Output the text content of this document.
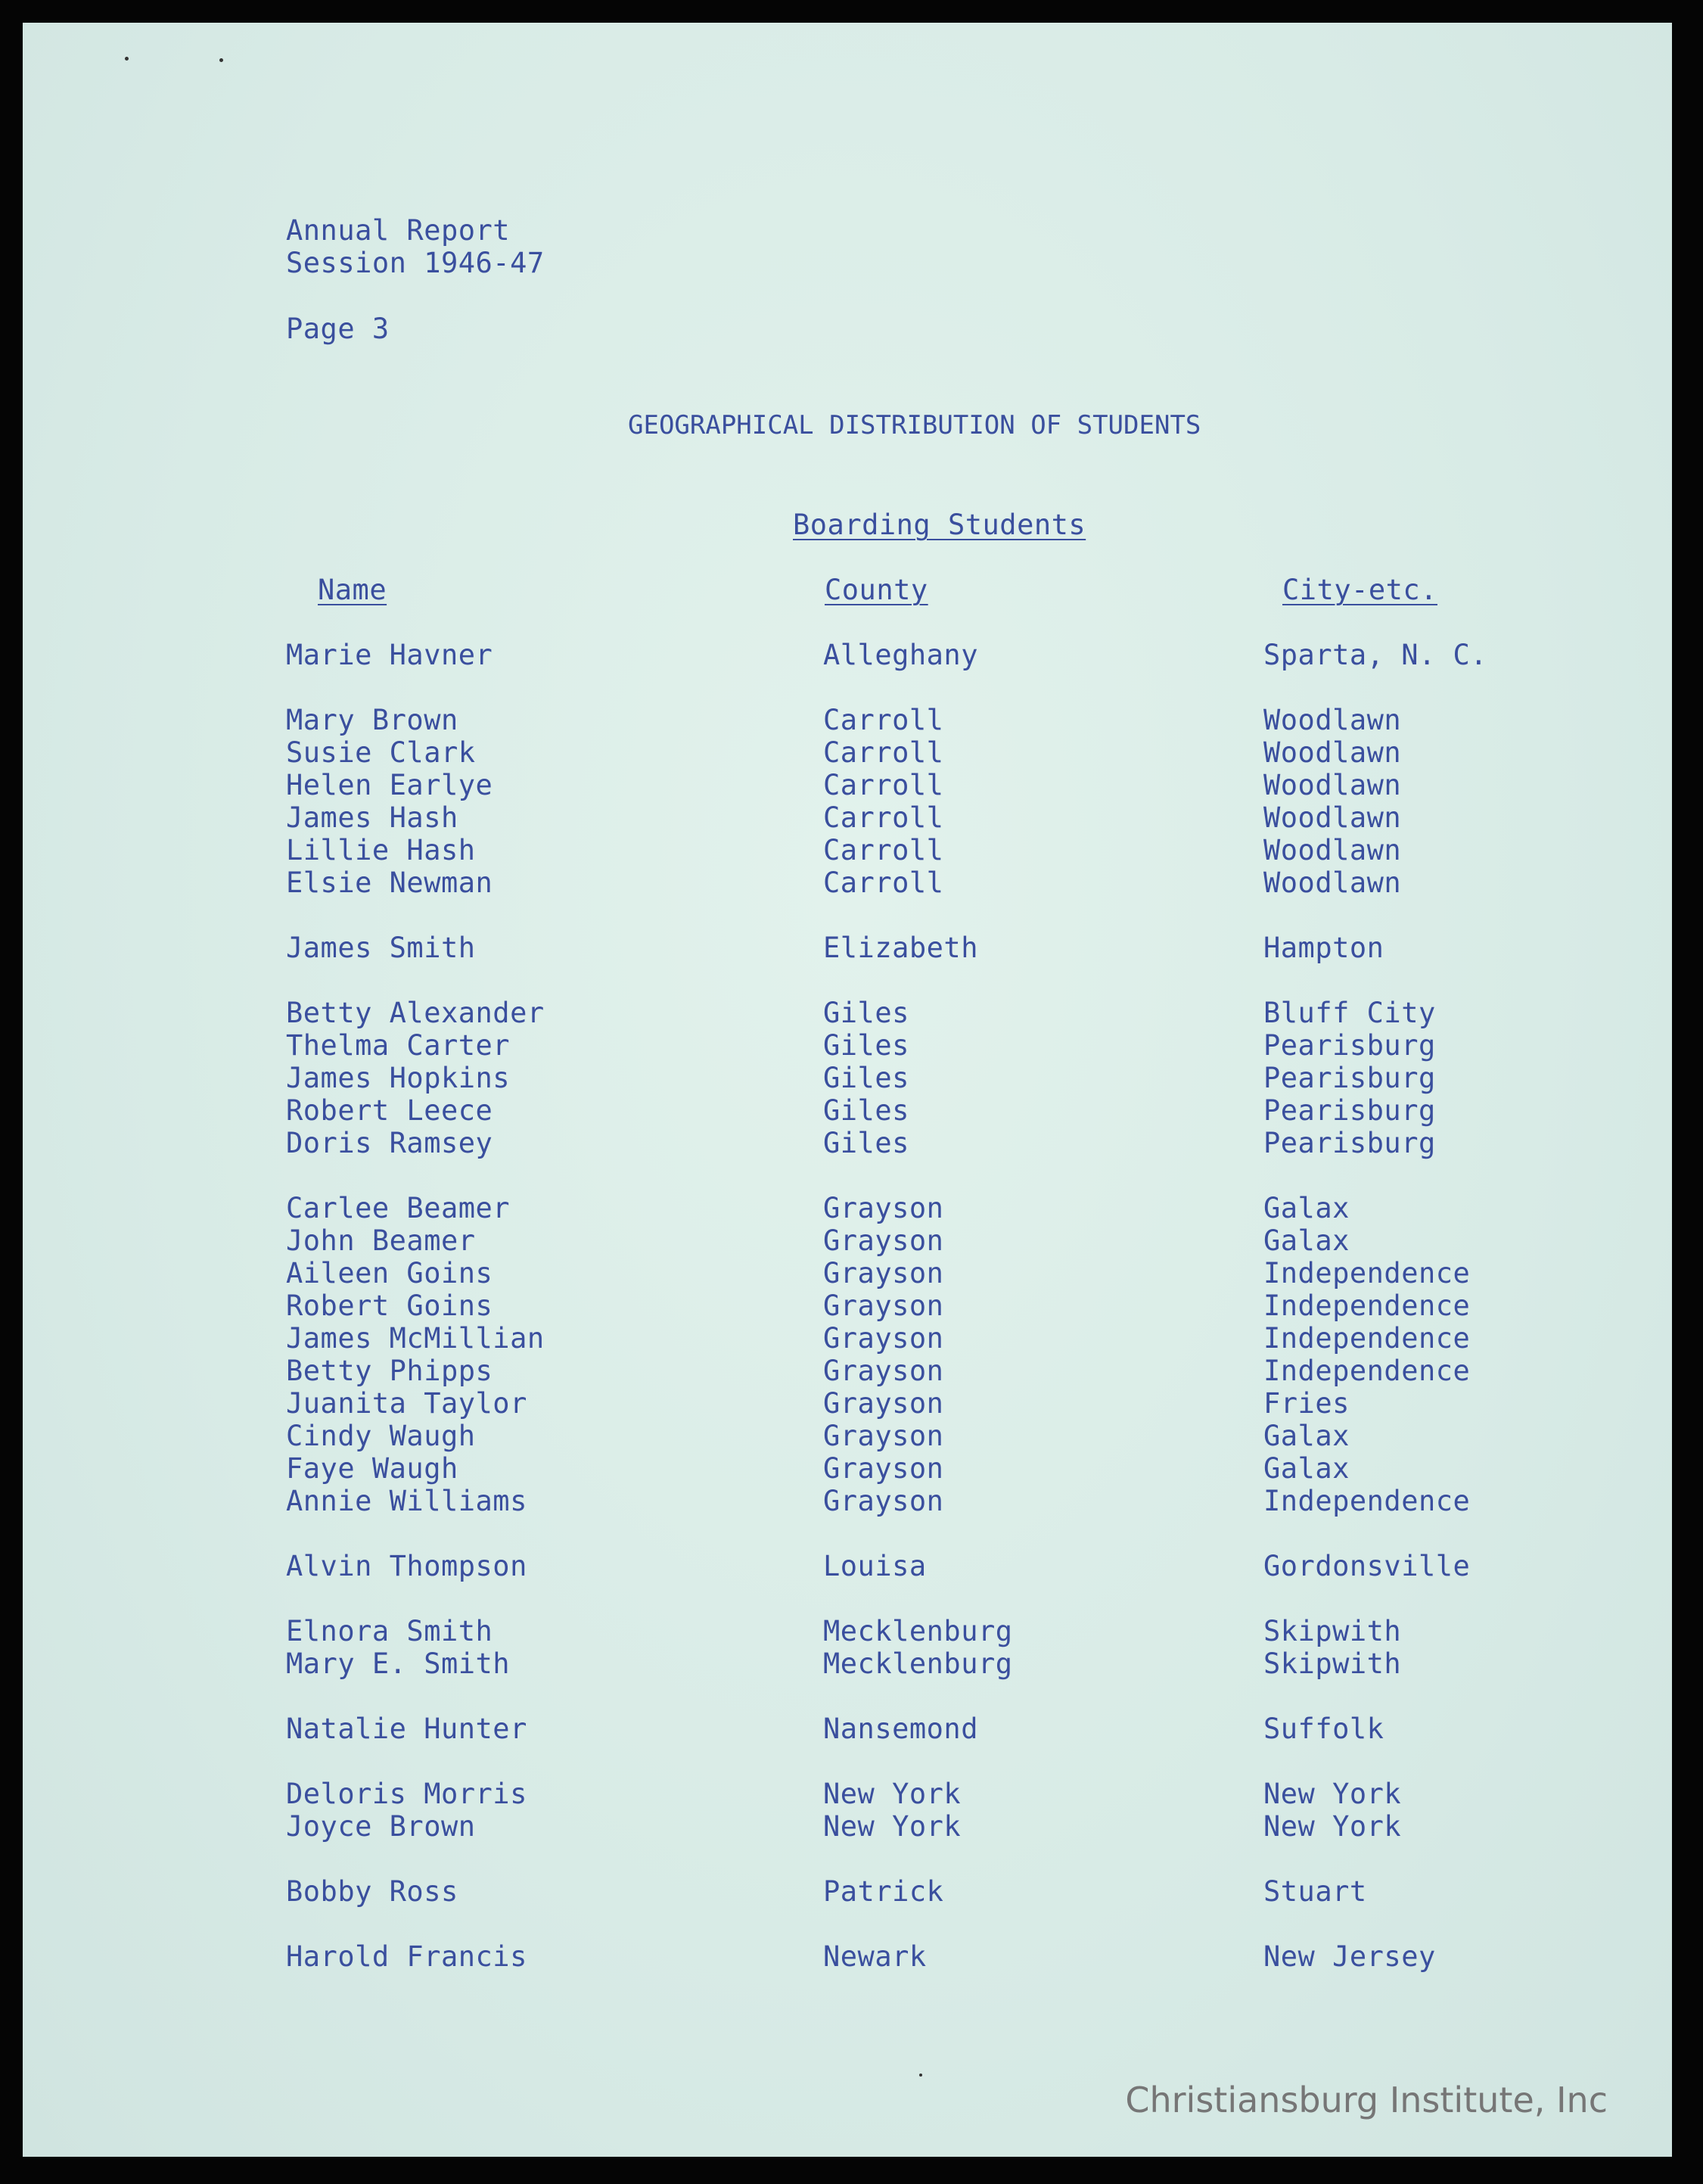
Annual Report
Session 1946-47
Page 3
GEOGRAPHICAL DISTRIBUTION OF STUDENTS
Boarding Students
Name	County	City-etc.
Marie Havner	Alleghany	Sparta, N. C.
Mary Brown	Carroll	Woodlawn
Susie Clark	Carroll	Woodlawn
Helen Earlye	Carroll	Woodlawn
James Hash	Carroll	Woodlawn
Lillie Hash	Carroll	Woodlawn
Elsie Newman	Carroll	Woodlawn
James Smith	Elizabeth	Hampton
Betty Alexander	Giles	Bluff City
Thelma Carter	Giles	Pearisburg
James Hopkins	Giles	Pearisburg
Robert Leece	Giles	Pearisburg
Doris Ramsey	Giles	Pearisburg
Carlee Beamer	Grayson	Galax
John Beamer	Grayson	Galax
Aileen Goins	Grayson	Independence
Robert Goins	Grayson	Independence
James McMillian	Grayson	Independence
Betty Phipps	Grayson	Independence
Juanita Taylor	Grayson	Fries
Cindy Waugh	Grayson	Galax
Faye Waugh	Grayson	Galax
Annie Williams	Grayson	Independence
Alvin Thompson	Louisa	Gordonsville
Elnora Smith	Mecklenburg	Skipwith
Mary E. Smith	Mecklenburg	Skipwith
Natalie Hunter	Nansemond	Suffolk
Deloris Morris	New York	New York
Joyce Brown	New York	New York
Bobby Ross	Patrick	Stuart
Harold Francis	Newark	New Jersey
Christiansburg Institute, Inc
